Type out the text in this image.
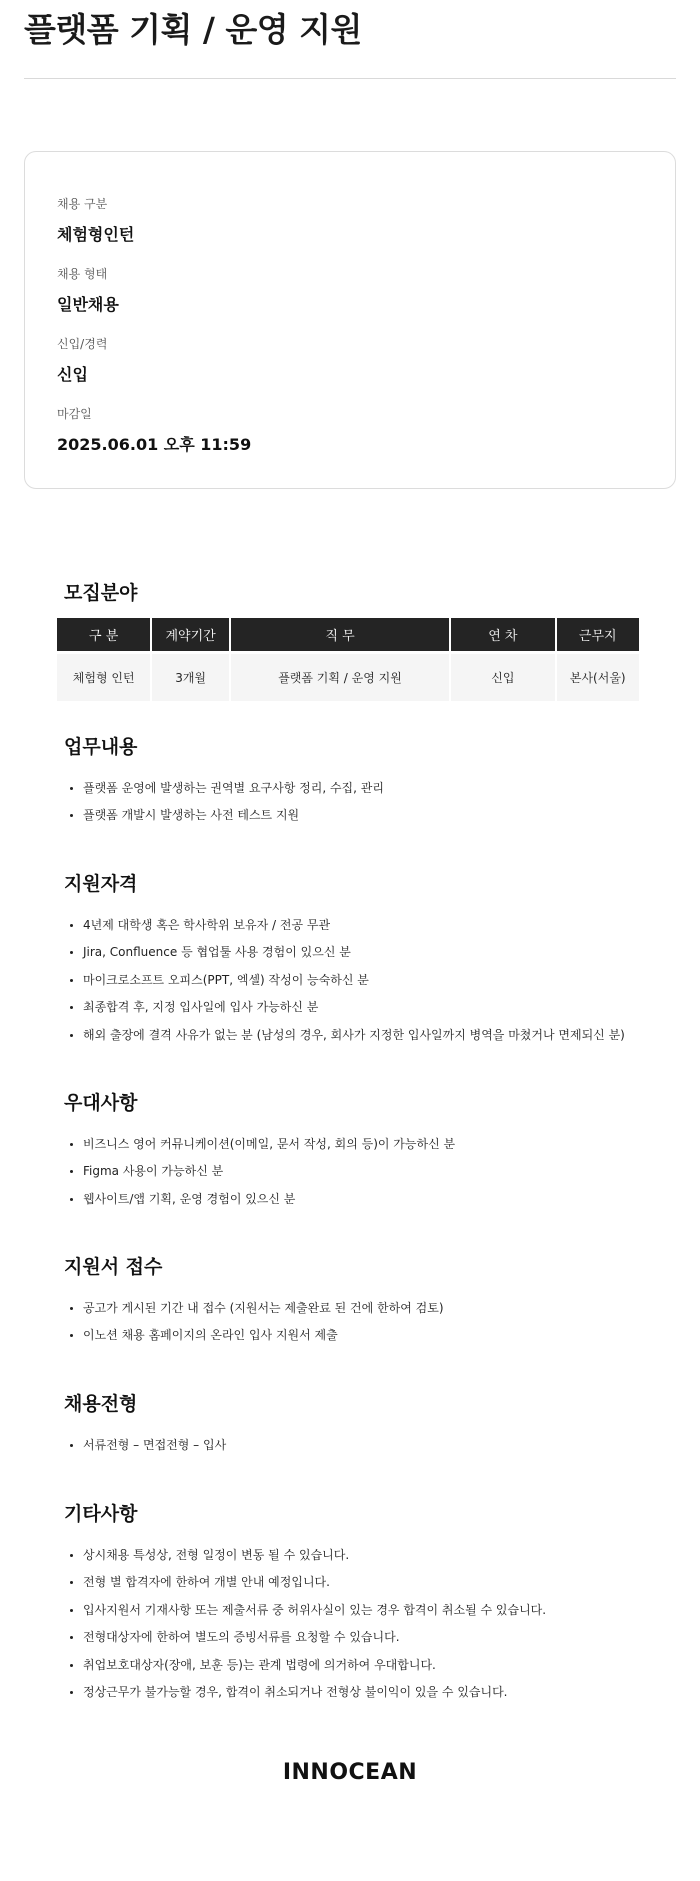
플랫폼 기획 / 운영 지원
채용 구분
체험형인턴
채용 형태
일반채용
신입/경력
신입
마감일
2025.06.01 오후 11:59
모집분야
구 분	계약기간	직 무	연 차	근무지
체험형 인턴	3개월	플랫폼 기획 / 운영 지원	신입	본사(서울)
업무내용
플랫폼 운영에 발생하는 권역별 요구사항 정리, 수집, 관리
플랫폼 개발시 발생하는 사전 테스트 지원
지원자격
4년제 대학생 혹은 학사학위 보유자 / 전공 무관
Jira, Confluence 등 협업툴 사용 경험이 있으신 분
마이크로소프트 오피스(PPT, 엑셀) 작성이 능숙하신 분
최종합격 후, 지정 입사일에 입사 가능하신 분
해외 출장에 결격 사유가 없는 분 (남성의 경우, 회사가 지정한 입사일까지 병역을 마쳤거나 면제되신 분)
우대사항
비즈니스 영어 커뮤니케이션(이메일, 문서 작성, 회의 등)이 가능하신 분
Figma 사용이 가능하신 분
웹사이트/앱 기획, 운영 경험이 있으신 분
지원서 접수
공고가 게시된 기간 내 접수 (지원서는 제출완료 된 건에 한하여 검토)
이노션 채용 홈페이지의 온라인 입사 지원서 제출
채용전형
서류전형 – 면접전형 – 입사
기타사항
상시채용 특성상, 전형 일정이 변동 될 수 있습니다.
전형 별 합격자에 한하여 개별 안내 예정입니다.
입사지원서 기재사항 또는 제출서류 중 허위사실이 있는 경우 합격이 취소될 수 있습니다.
전형대상자에 한하여 별도의 증빙서류를 요청할 수 있습니다.
취업보호대상자(장애, 보훈 등)는 관계 법령에 의거하여 우대합니다.
정상근무가 불가능할 경우, 합격이 취소되거나 전형상 불이익이 있을 수 있습니다.
INNOCEAN
